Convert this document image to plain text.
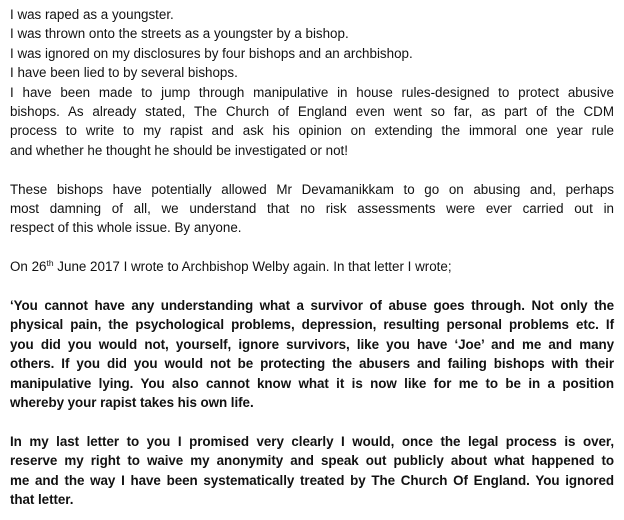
I was raped as a youngster.

I was thrown onto the streets as a youngster by a bishop.

I was ignored on my disclosures by four bishops and an archbishop.

I have been lied to by several bishops.

I have been made to jump through manipulative in house rules-designed to protect abusive

bishops. As already stated, The Church of England even went so far, as part of the CDM

process to write to my rapist and ask his opinion on extending the immoral one year rule

and whether he thought he should be investigated or not!

These bishops have potentially allowed Mr Devamanikkam to go on abusing and, perhaps

most damning of all, we understand that no risk assessments were ever carried out in

respect of this whole issue. By anyone.

On 26th June 2017 I wrote to Archbishop Welby again. In that letter I wrote;

‘You cannot have any understanding what a survivor of abuse goes through. Not only the

physical pain, the psychological problems, depression, resulting personal problems etc. If

you did you would not, yourself, ignore survivors, like you have ‘Joe’ and me and many

others. If you did you would not be protecting the abusers and failing bishops with their

manipulative lying. You also cannot know what it is now like for me to be in a position

whereby your rapist takes his own life.

In my last letter to you I promised very clearly I would, once the legal process is over,

reserve my right to waive my anonymity and speak out publicly about what happened to

me and the way I have been systematically treated by The Church Of England. You ignored

that letter.
